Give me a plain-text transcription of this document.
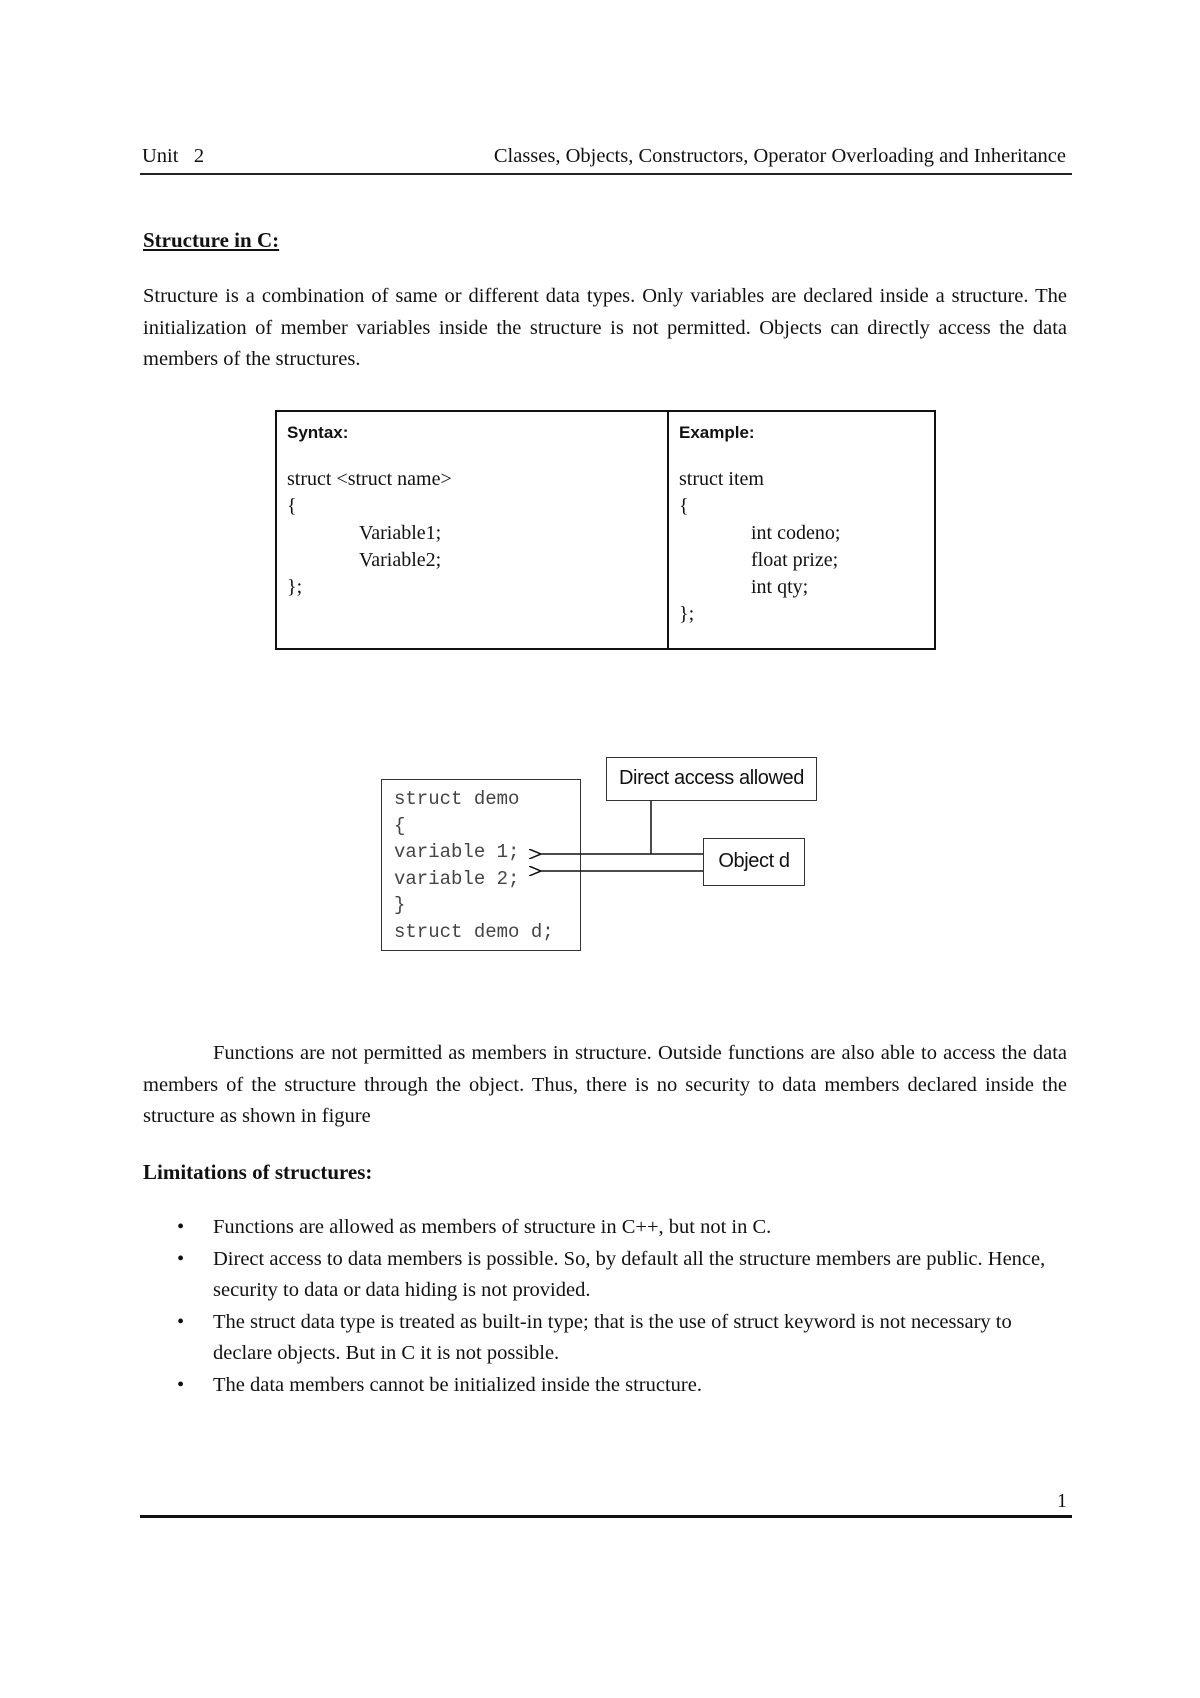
Unit   2	Classes, Objects, Constructors, Operator Overloading and Inheritance
Structure in C:

Structure is a combination of same or different data types. Only variables are declared inside a structure. The initialization of member variables inside the structure is not permitted. Objects can directly access the data members of the structures.

Syntax:
struct <struct name>
{
Variable1;
Variable2;
};
Example:
struct item
{
int codeno;
float prize;
int qty;
};
struct demo
{
variable 1;
variable 2;
}
struct demo d;
Direct access allowed
Object d

Functions are not permitted as members in structure. Outside functions are also able to access the data members of the structure through the object. Thus, there is no security to data members declared inside the structure as shown in figure

Limitations of structures:
• Functions are allowed as members of structure in C++, but not in C.
• Direct access to data members is possible. So, by default all the structure members are public. Hence, security to data or data hiding is not provided.
• The struct data type is treated as built-in type; that is the use of struct keyword is not necessary to declare objects. But in C it is not possible.
• The data members cannot be initialized inside the structure.
1
